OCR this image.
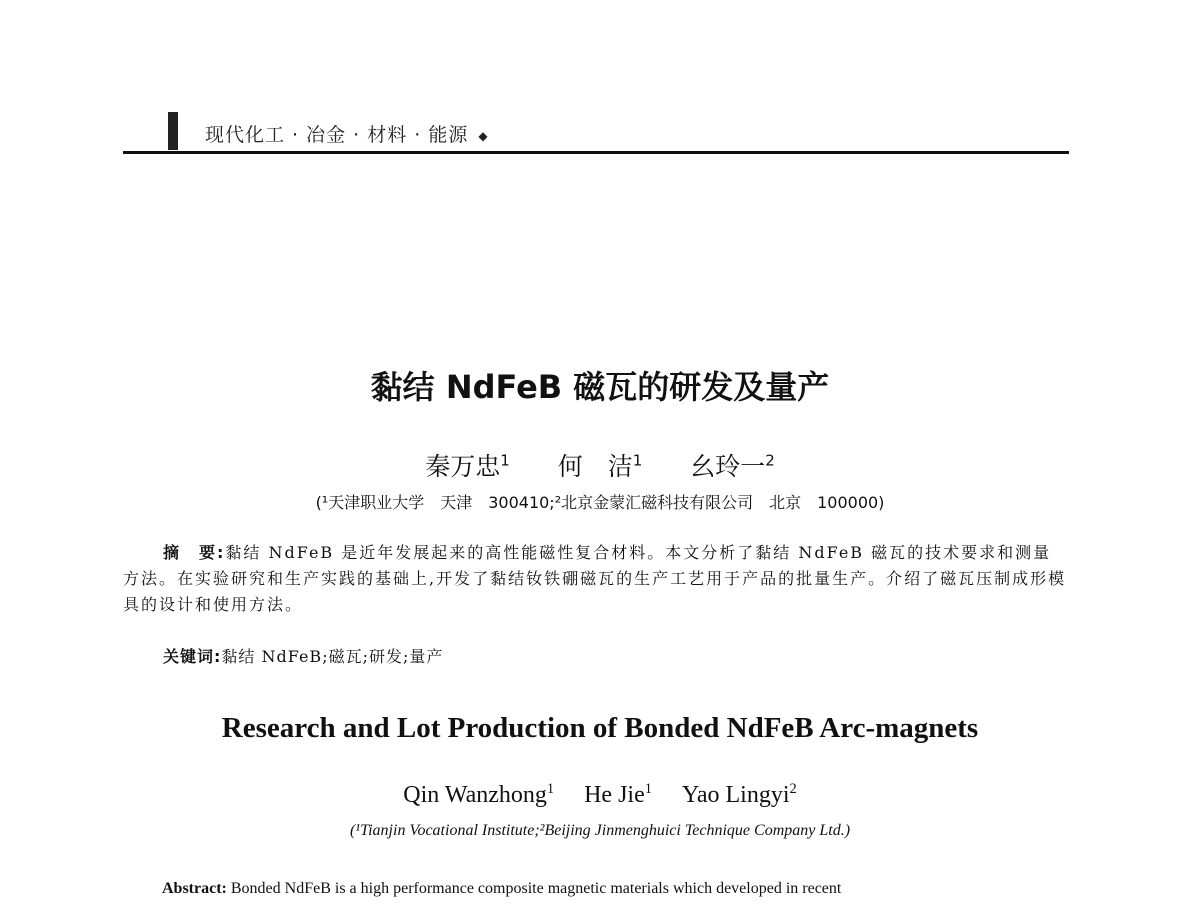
现代化工 · 冶金 · 材料 · 能源 ◆
黏结 NdFeB 磁瓦的研发及量产
秦万忠$^1$ 何　洁$^1$ 幺玲一$^2$
(¹天津职业大学　天津　300410;²北京金蒙汇磁科技有限公司　北京　100000)
摘　要:黏结 NdFeB 是近年发展起来的高性能磁性复合材料。本文分析了黏结 NdFeB 磁瓦的技术要求和测量方法。在实验研究和生产实践的基础上,开发了黏结钕铁硼磁瓦的生产工艺用于产品的批量生产。介绍了磁瓦压制成形模具的设计和使用方法。
关键词:黏结 NdFeB;磁瓦;研发;量产
Research and Lot Production of Bonded NdFeB Arc-magnets
Qin Wanzhong$^1$ He Jie$^1$ Yao Lingyi$^2$
(¹Tianjin Vocational Institute;²Beijing Jinmenghuici Technique Company Ltd.)
Abstract: Bonded NdFeB is a high performance composite magnetic materials which developed in recent
